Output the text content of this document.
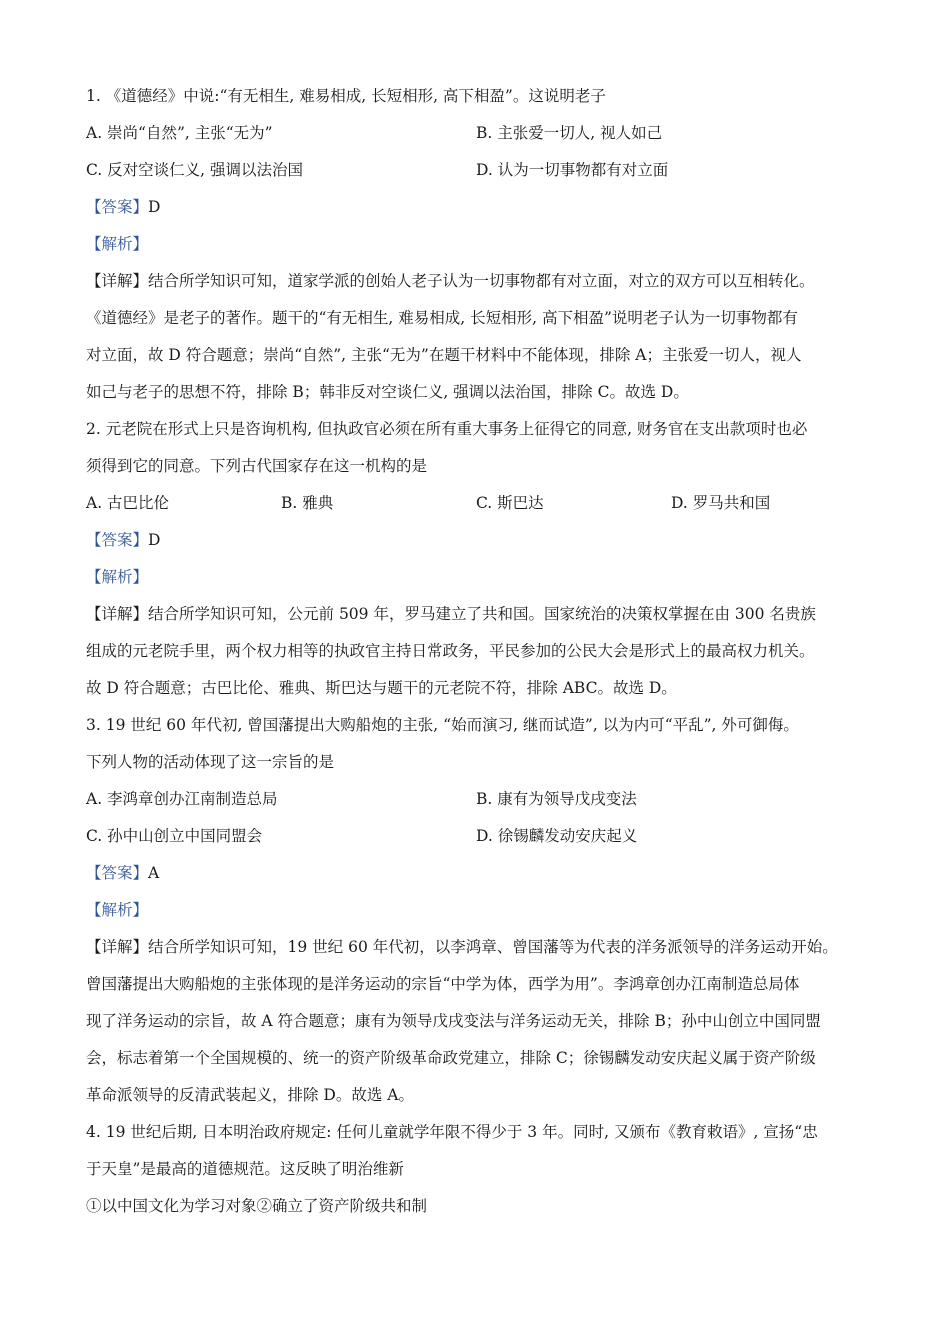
1. 《道德经》中说:“有无相生, 难易相成, 长短相形, 高下相盈”。这说明老子
A. 崇尚“自然”, 主张“无为”	B. 主张爱一切人, 视人如己
C. 反对空谈仁义, 强调以法治国	D. 认为一切事物都有对立面
【答案】D
【解析】
【详解】结合所学知识可知，道家学派的创始人老子认为一切事物都有对立面，对立的双方可以互相转化。
《道德经》是老子的著作。题干的“有无相生, 难易相成, 长短相形, 高下相盈”说明老子认为一切事物都有
对立面，故 D 符合题意；崇尚“自然”, 主张“无为”在题干材料中不能体现，排除 A；主张爱一切人，视人
如己与老子的思想不符，排除 B；韩非反对空谈仁义, 强调以法治国，排除 C。故选 D。
2. 元老院在形式上只是咨询机构, 但执政官必须在所有重大事务上征得它的同意, 财务官在支出款项时也必
须得到它的同意。下列古代国家存在这一机构的是
A. 古巴比伦	B. 雅典	C. 斯巴达	D. 罗马共和国
【答案】D
【解析】
【详解】结合所学知识可知，公元前 509 年，罗马建立了共和国。国家统治的决策权掌握在由 300 名贵族
组成的元老院手里，两个权力相等的执政官主持日常政务，平民参加的公民大会是形式上的最高权力机关。
故 D 符合题意；古巴比伦、雅典、斯巴达与题干的元老院不符，排除 ABC。故选 D。
3. 19 世纪 60 年代初, 曾国藩提出大购船炮的主张, “始而演习, 继而试造”, 以为内可“平乱”, 外可御侮。
下列人物的活动体现了这一宗旨的是
A. 李鸿章创办江南制造总局	B. 康有为领导戊戌变法
C. 孙中山创立中国同盟会	D. 徐锡麟发动安庆起义
【答案】A
【解析】
【详解】结合所学知识可知，19 世纪 60 年代初，以李鸿章、曾国藩等为代表的洋务派领导的洋务运动开始。
曾国藩提出大购船炮的主张体现的是洋务运动的宗旨“中学为体，西学为用”。李鸿章创办江南制造总局体
现了洋务运动的宗旨，故 A 符合题意；康有为领导戊戌变法与洋务运动无关，排除 B；孙中山创立中国同盟
会，标志着第一个全国规模的、统一的资产阶级革命政党建立，排除 C；徐锡麟发动安庆起义属于资产阶级
革命派领导的反清武装起义，排除 D。故选 A。
4. 19 世纪后期, 日本明治政府规定: 任何儿童就学年限不得少于 3 年。同时, 又颁布《教育敕语》, 宣扬“忠
于天皇”是最高的道德规范。这反映了明治维新
①以中国文化为学习对象②确立了资产阶级共和制
